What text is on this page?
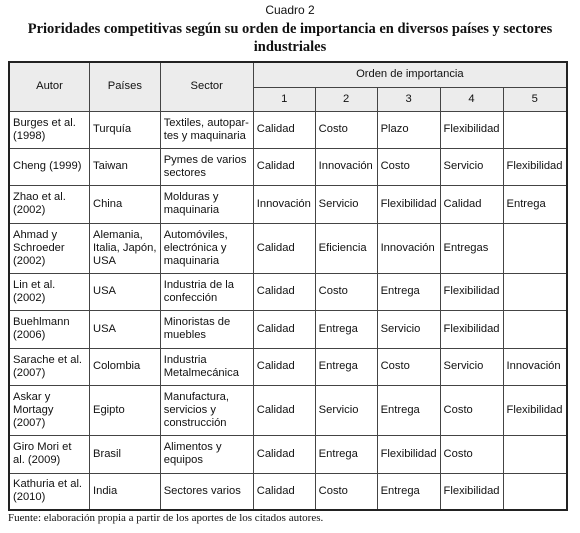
Cuadro 2
Prioridades competitivas según su orden de importancia en diversos países y sectores
industriales
Autor	Países	Sector	Orden de importancia				
			1	2	3	4	5
Burges et al. (1998)	Turquía	Textiles, autopar-tes y maquinaria	Calidad	Costo	Plazo	Flexibilidad	
Cheng (1999)	Taiwan	Pymes de varios sectores	Calidad	Innovación	Costo	Servicio	Flexibilidad
Zhao et al. (2002)	China	Molduras y maquinaria	Innovación	Servicio	Flexibilidad	Calidad	Entrega
Ahmad y Schroeder (2002)	Alemania, Italia, Japón, USA	Automóviles, electrónica y maquinaria	Calidad	Eficiencia	Innovación	Entregas	
Lin et al. (2002)	USA	Industria de la confección	Calidad	Costo	Entrega	Flexibilidad	
Buehlmann (2006)	USA	Minoristas de muebles	Calidad	Entrega	Servicio	Flexibilidad	
Sarache et al. (2007)	Colombia	Industria Metalmecánica	Calidad	Entrega	Costo	Servicio	Innovación
Askar y Mortagy (2007)	Egipto	Manufactura, servicios y construcción	Calidad	Servicio	Entrega	Costo	Flexibilidad
Giro Mori et al. (2009)	Brasil	Alimentos y equipos	Calidad	Entrega	Flexibilidad	Costo	
Kathuria et al. (2010)	India	Sectores varios	Calidad	Costo	Entrega	Flexibilidad	
Fuente: elaboración propia a partir de los aportes de los citados autores.
